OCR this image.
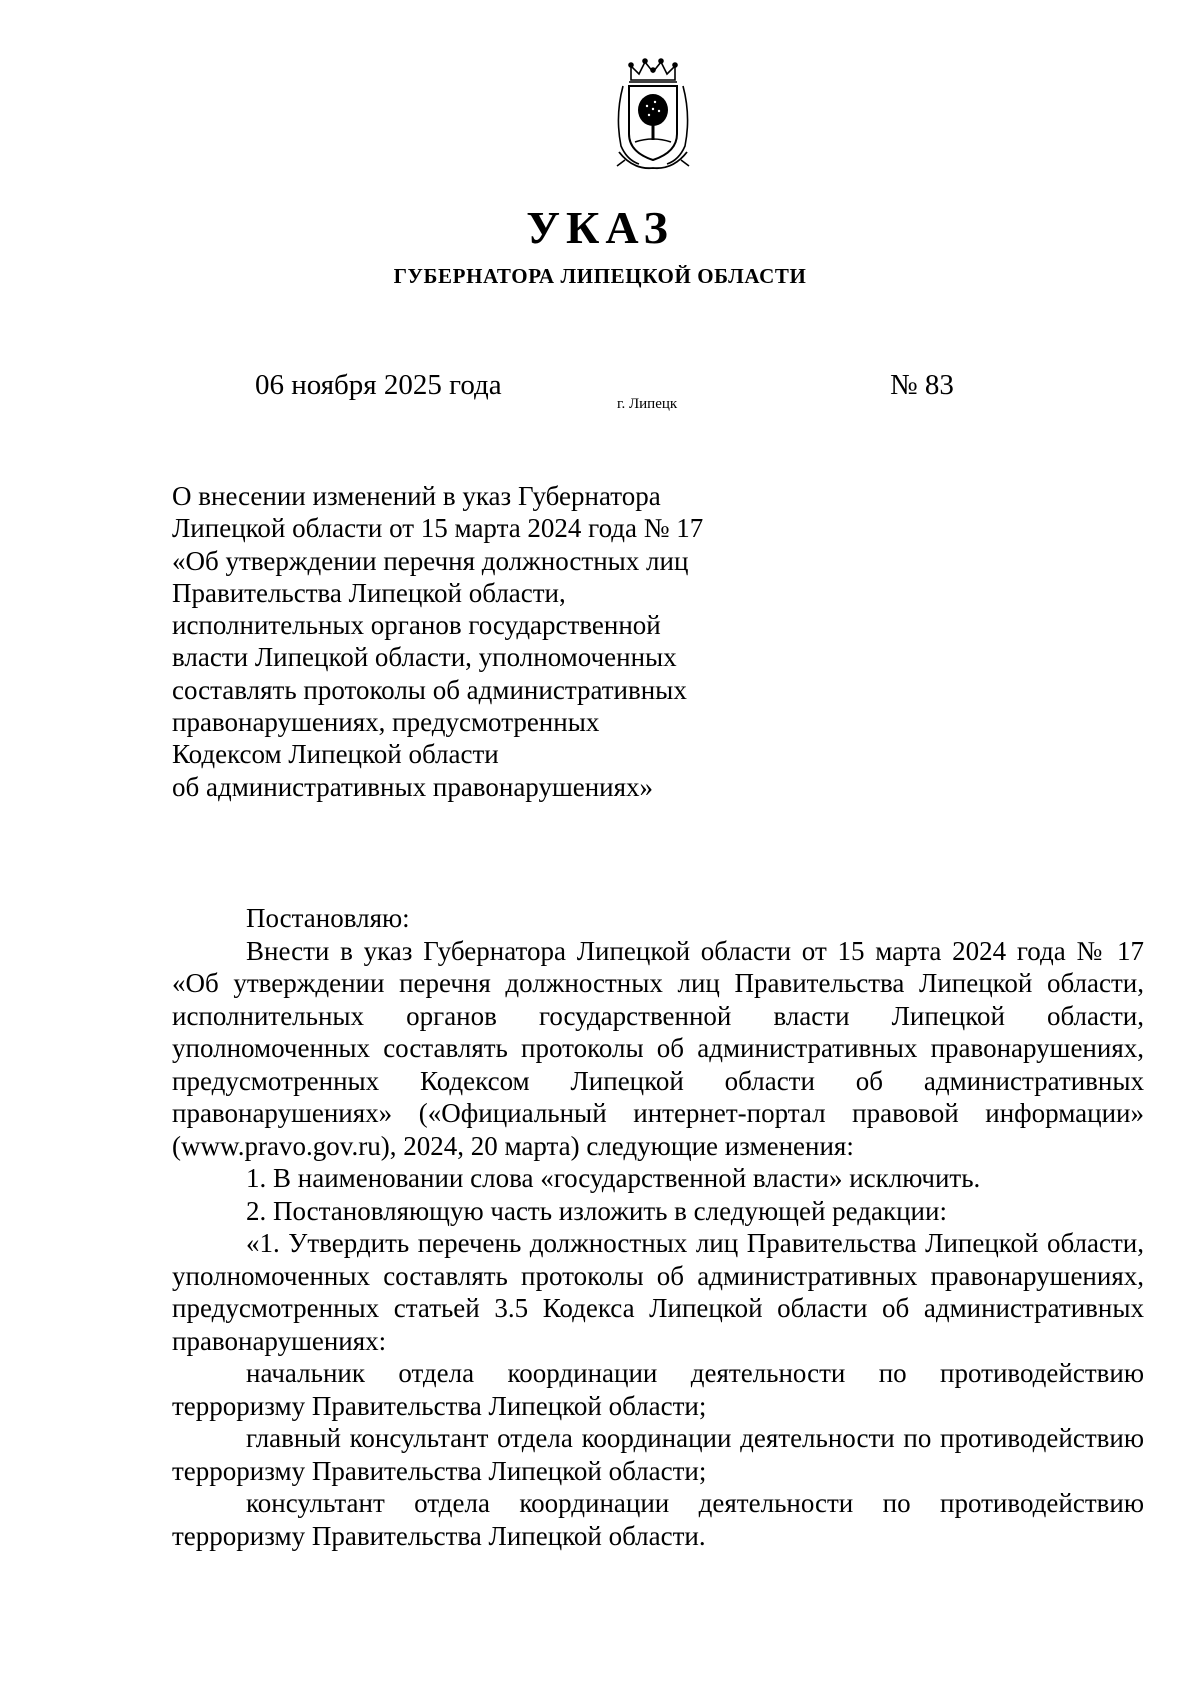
УКАЗ
ГУБЕРНАТОРА ЛИПЕЦКОЙ ОБЛАСТИ
06 ноября 2025 года
г. Липецк
№ 83
О внесении изменений в указ Губернатора
Липецкой области от 15 марта 2024 года № 17
«Об утверждении перечня должностных лиц
Правительства Липецкой области,
исполнительных органов государственной
власти Липецкой области, уполномоченных
составлять протоколы об административных
правонарушениях, предусмотренных
Кодексом Липецкой области
об административных правонарушениях»

Постановляю:

Внести в указ Губернатора Липецкой области от 15 марта 2024 года № 17 «Об утверждении перечня должностных лиц Правительства Липецкой области, исполнительных органов государственной власти Липецкой области, уполномоченных составлять протоколы об административных правонарушениях, предусмотренных Кодексом Липецкой области об административных правонарушениях» («Официальный интернет-портал правовой информации» (www.pravo.gov.ru), 2024, 20 марта) следующие изменения:

1. В наименовании слова «государственной власти» исключить.

2. Постановляющую часть изложить в следующей редакции:

«1. Утвердить перечень должностных лиц Правительства Липецкой области, уполномоченных составлять протоколы об административных правонарушениях, предусмотренных статьей 3.5 Кодекса Липецкой области об административных правонарушениях:

начальник отдела координации деятельности по противодействию терроризму Правительства Липецкой области;

главный консультант отдела координации деятельности по противодействию терроризму Правительства Липецкой области;

консультант отдела координации деятельности по противодействию терроризму Правительства Липецкой области.
